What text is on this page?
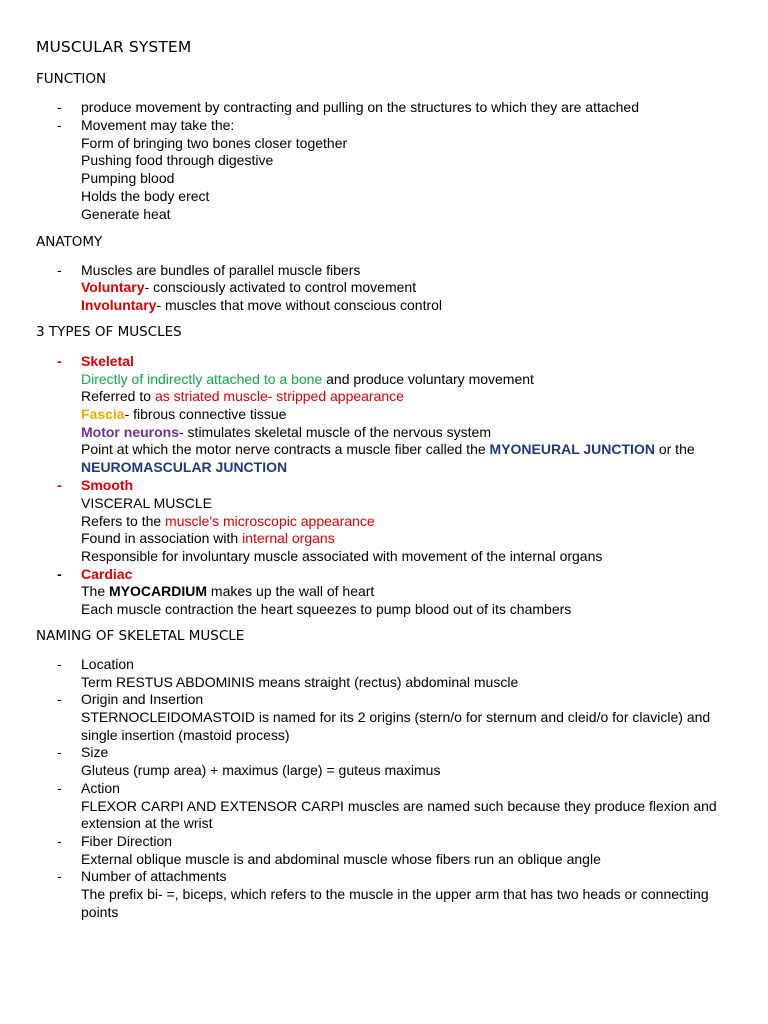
MUSCULAR SYSTEM
FUNCTION
- produce movement by contracting and pulling on the structures to which they are attached
- Movement may take the:
Form of bringing two bones closer together
Pushing food through digestive
Pumping blood
Holds the body erect
Generate heat
ANATOMY
- Muscles are bundles of parallel muscle fibers
Voluntary- consciously activated to control movement
Involuntary- muscles that move without conscious control
3 TYPES OF MUSCLES
- Skeletal
Directly of indirectly attached to a bone and produce voluntary movement
Referred to as striated muscle- stripped appearance
Fascia- fibrous connective tissue
Motor neurons- stimulates skeletal muscle of the nervous system
Point at which the motor nerve contracts a muscle fiber called the MYONEURAL JUNCTION or the
NEUROMASCULAR JUNCTION
- Smooth
VISCERAL MUSCLE
Refers to the muscle's microscopic appearance
Found in association with internal organs
Responsible for involuntary muscle associated with movement of the internal organs
- Cardiac
The MYOCARDIUM makes up the wall of heart
Each muscle contraction the heart squeezes to pump blood out of its chambers
NAMING OF SKELETAL MUSCLE
- Location
Term RESTUS ABDOMINIS means straight (rectus) abdominal muscle
- Origin and Insertion
STERNOCLEIDOMASTOID is named for its 2 origins (stern/o for sternum and cleid/o for clavicle) and
single insertion (mastoid process)
- Size
Gluteus (rump area) + maximus (large) = guteus maximus
- Action
FLEXOR CARPI AND EXTENSOR CARPI muscles are named such because they produce flexion and
extension at the wrist
- Fiber Direction
External oblique muscle is and abdominal muscle whose fibers run an oblique angle
- Number of attachments
The prefix bi- =, biceps, which refers to the muscle in the upper arm that has two heads or connecting
points
